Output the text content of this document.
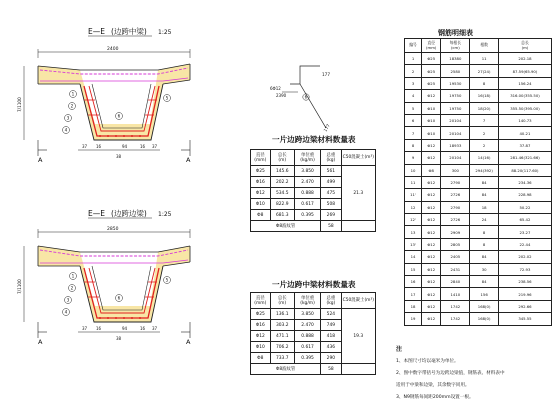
E—E (边跨中梁) 1:25
2400
1
2
3
4
5
6
7/1100
A	A
37 16	94	16 37
38
E—E (边跨边梁) 1:25
2850
1
2
3
4
5
6
7/1100
A	A
37 16	94	16 37
38
177
177
6Φ12
2390	6
一片边跨边梁材料数量表
直径
(mm)	总长
(m)	单位重
(kg/m)	总重
(kg)	C50混凝土(m³)
Φ25	145.6	3.850	561	21.3
Φ16	202.2	2.470	499	
Φ12	534.5	0.888	475	
Φ10	822.9	0.617	508	
Φ8	681.3	0.395	269	
Φ8波纹管			58	
一片边跨中梁材料数量表
直径
(mm)	总长
(m)	单位重
(kg/m)	总重
(kg)	C50混凝土(m³)
Φ25	136.1	3.850	524	19.3
Φ16	303.2	2.470	749	
Φ12	471.1	0.888	418	
Φ10	706.2	0.617	436	
Φ8	733.7	0.395	290	
Φ8波纹管			58	
钢筋明细表
编号	直径
(mm)	每根长
(cm)	根数	总长
(m)
1	Φ25	18380	11	202.18
2	Φ25	2580	27(24)	87.59(65.90)
3	Φ25	19530	8	156.24
4	Φ12	19750	16(18)	316.00(355.50)
5	Φ10	19750	18(20)	355.50(395.00)
6	Φ10	20104	7	140.73
7	Φ10	20104	2	40.21
8	Φ12	18933	2	37.87
9	Φ12	20104	14(16)	281.46(321.66)
10	Φ8	300	294(392)	88.20(117.60)
11	Φ12	2790	84	234.36
11'	Φ12	2726	84	228.98
12	Φ12	2790	18	50.22
12'	Φ12	2726	24	65.42
13	Φ12	2909	8	23.27
13'	Φ12	2805	8	22.44
14	Φ12	2405	84	202.02
15	Φ12	2431	30	72.93
16	Φ12	2840	84	238.56
17	Φ12	1410	156	219.96
18	Φ12	1742	168(0)	292.66
19	Φ12	1742	168(0)	345.55
注
1、本图尺寸均以毫米为单位。
2、图中数字带括号为边跨边梁值，钢筋表、材料表中
适用于中梁和边梁，其余数字同用。
3、N9钢筋每间距200mm设置一根。
